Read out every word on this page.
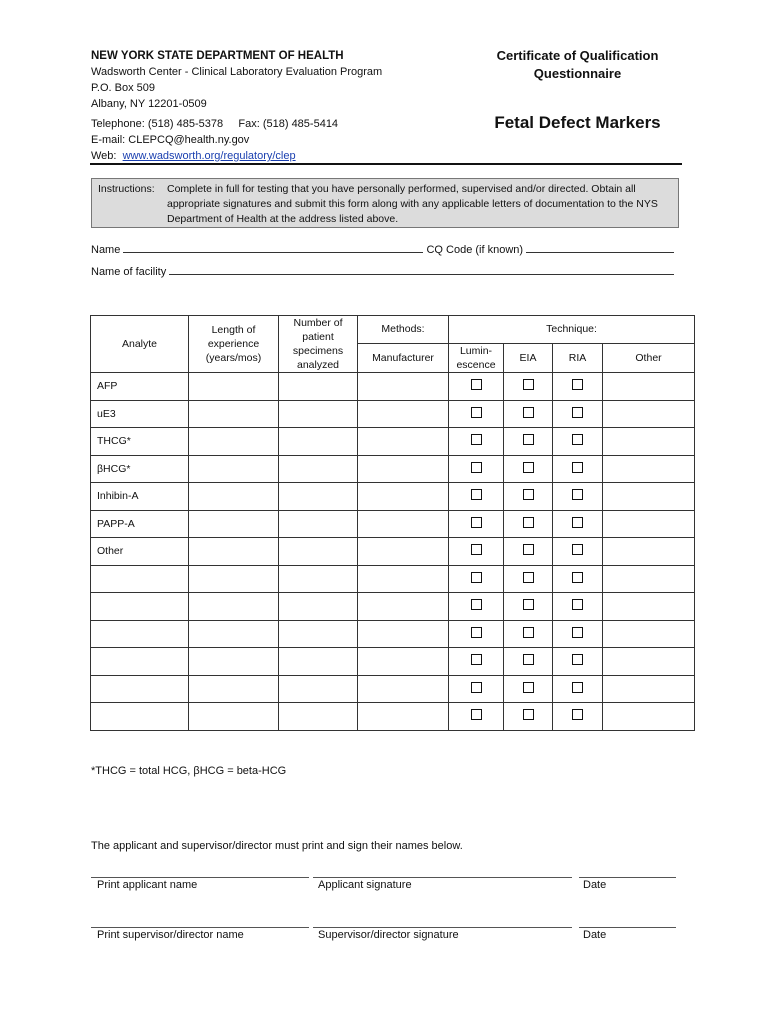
NEW YORK STATE DEPARTMENT OF HEALTH
Wadsworth Center - Clinical Laboratory Evaluation Program
P.O. Box 509
Albany, NY 12201-0509
Telephone: (518) 485-5378     Fax: (518) 485-5414
E-mail: CLEPCQ@health.ny.gov
Web:  www.wadsworth.org/regulatory/clep
Certificate of Qualification
Questionnaire
Fetal Defect Markers
Instructions: Complete in full for testing that you have personally performed, supervised and/or directed. Obtain all appropriate signatures and submit this form along with any applicable letters of documentation to the NYS Department of Health at the address listed above.
Name	CQ Code (if known)
Name of facility
Analyte	Length of experience (years/mos)	Number of patient specimens analyzed	Methods:	Technique:			
			Manufacturer	Lumin-escence	EIA	RIA	Other
AFP							
uE3							
THCG*							
βHCG*							
Inhibin-A							
PAPP-A							
Other							

*THCG = total HCG, βHCG = beta-HCG
The applicant and supervisor/director must print and sign their names below.
Print applicant name	Applicant signature	Date
Print supervisor/director name	Supervisor/director signature	Date
